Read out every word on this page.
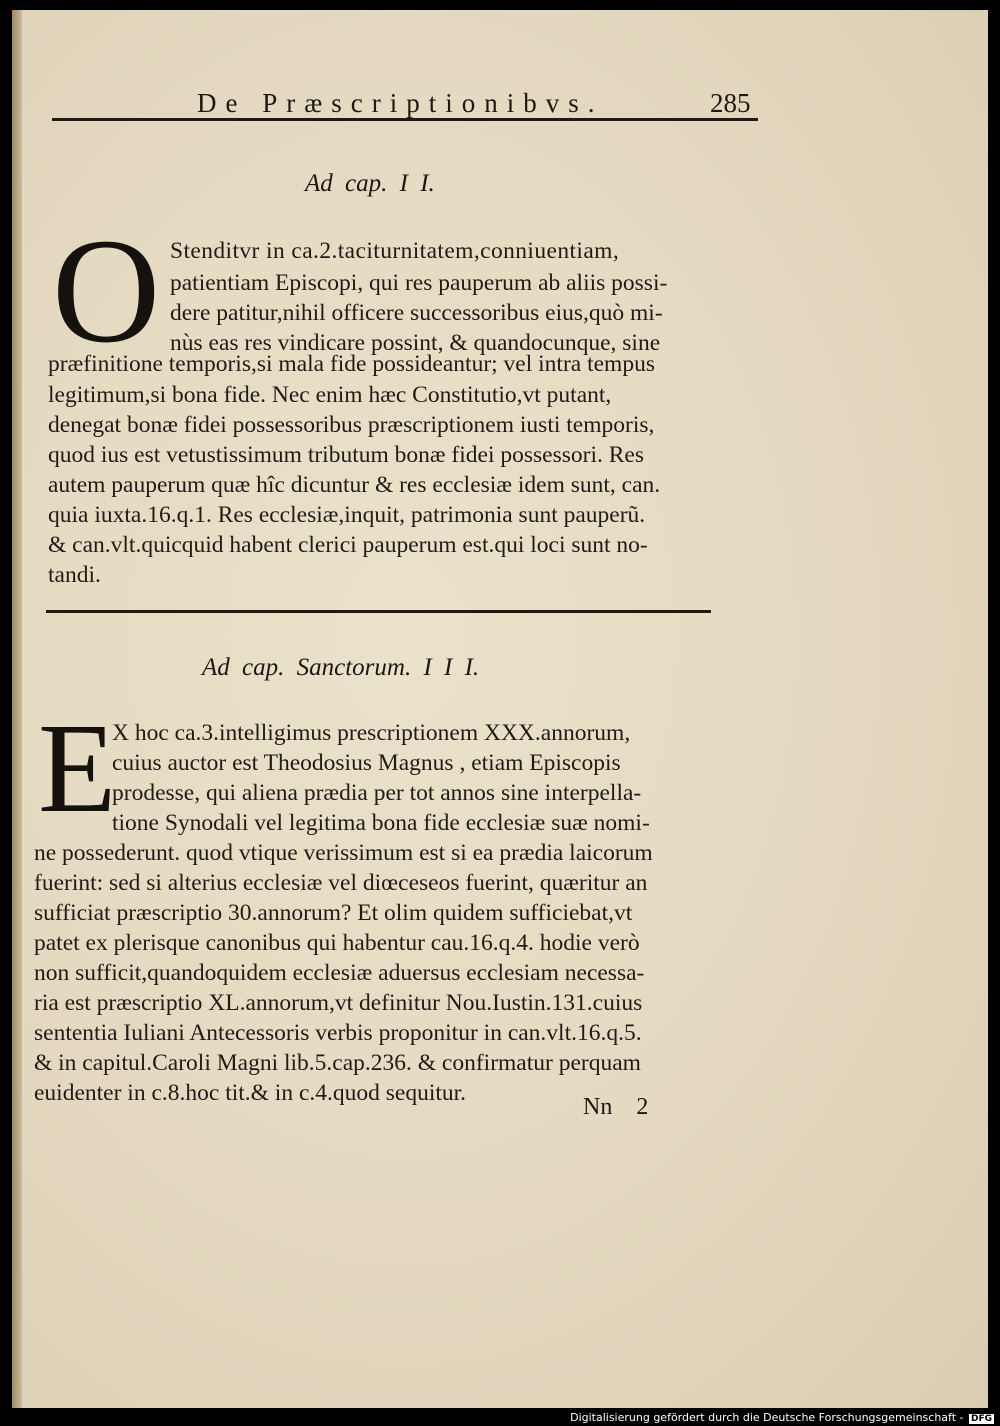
De Præscriptionibvs.	285
Ad cap. I I.
O Stenditvr in ca.2.taciturnitatem,conniuentiam,
patientiam Episcopi, qui res pauperum ab aliis possi-
dere patitur,nihil officere successoribus eius,quò mi-
nùs eas res vindicare possint, & quandocunque, sine
præfinitione temporis,si mala fide possideantur; vel intra tempus
legitimum,si bona fide. Nec enim hæc Constitutio,vt putant,
denegat bonæ fidei possessoribus præscriptionem iusti temporis,
quod ius est vetustissimum tributum bonæ fidei possessori. Res
autem pauperum quæ hîc dicuntur & res ecclesiæ idem sunt, can.
quia iuxta.16.q.1. Res ecclesiæ,inquit, patrimonia sunt pauperũ.
& can.vlt.quicquid habent clerici pauperum est.qui loci sunt no-
tandi.
Ad cap. Sanctorum. I I I.
E
X hoc ca.3.intelligimus prescriptionem XXX.annorum,
cuius auctor est Theodosius Magnus , etiam Episcopis
prodesse, qui aliena prædia per tot annos sine interpella-
tione Synodali vel legitima bona fide ecclesiæ suæ nomi-
ne possederunt. quod vtique verissimum est si ea prædia laicorum
fuerint: sed si alterius ecclesiæ vel diœceseos fuerint, quæritur an
sufficiat præscriptio 30.annorum? Et olim quidem sufficiebat,vt
patet ex plerisque canonibus qui habentur cau.16.q.4. hodie verò
non sufficit,quandoquidem ecclesiæ aduersus ecclesiam necessa-
ria est præscriptio XL.annorum,vt definitur Nou.Iustin.131.cuius
sententia Iuliani Antecessoris verbis proponitur in can.vlt.16.q.5.
& in capitul.Caroli Magni lib.5.cap.236. & confirmatur perquam
euidenter in c.8.hoc tit.& in c.4.quod sequitur.
Nn 2
Digitalisierung gefördert durch die Deutsche Forschungsgemeinschaft - DFG
